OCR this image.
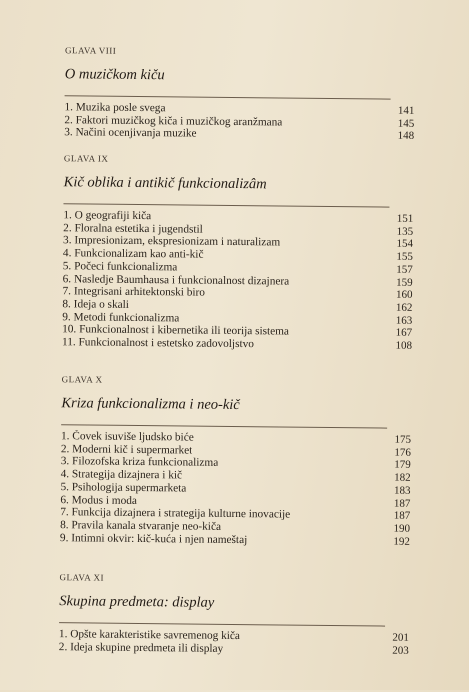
GLAVA VIII
O muzičkom kiču
1. Muzika posle svega	141
2. Faktori muzičkog kiča i muzičkog aranžmana	145
3. Načini ocenjivanja muzike	148
GLAVA IX
Kič oblika i antikič funkcionalizâm
1. O geografiji kiča	151
2. Floralna estetika i jugendstil	135
3. Impresionizam, ekspresionizam i naturalizam	154
4. Funkcionalizam kao anti-kič	155
5. Počeci funkcionalizma	157
6. Nasledje Baumhausa i funkcionalnost dizajnera	159
7. Integrisani arhitektonski biro	160
8. Ideja o skali	162
9. Metodi funkcionalizma	163
10. Funkcionalnost i kibernetika ili teorija sistema	167
11. Funkcionalnost i estetsko zadovoljstvo	108
GLAVA X
Kriza funkcionalizma i neo-kič
1. Čovek isuviše ljudsko biće	175
2. Moderni kič i supermarket	176
3. Filozofska kriza funkcionalizma	179
4. Strategija dizajnera i kič	182
5. Psihologija supermarketa	183
6. Modus i moda	187
7. Funkcija dizajnera i strategija kulturne inovacije	187
8. Pravila kanala stvaranje neo-kiča	190
9. Intimni okvir: kič-kuća i njen nameštaj	192
GLAVA XI
Skupina predmeta: display
1. Opšte karakteristike savremenog kiča	201
2. Ideja skupine predmeta ili display	203
